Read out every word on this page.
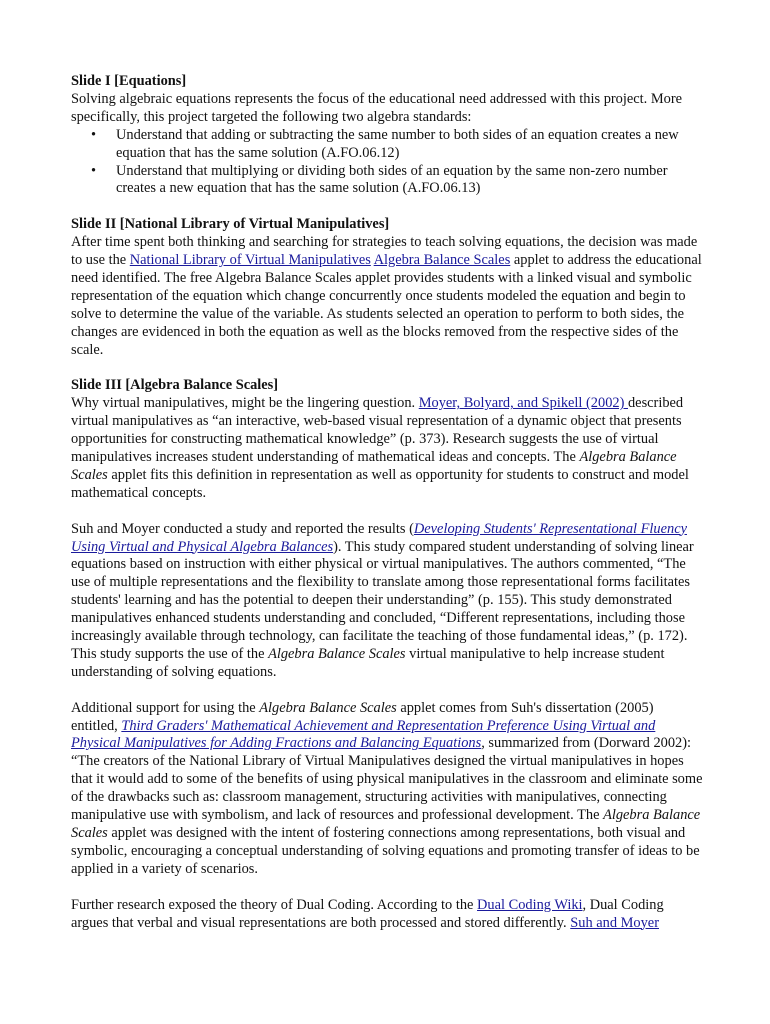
Slide I [Equations]

Solving algebraic equations represents the focus of the educational need addressed with this project. More specifically, this project targeted the following two algebra standards:

• Understand that adding or subtracting the same number to both sides of an equation creates a new equation that has the same solution (A.FO.06.12)
• Understand that multiplying or dividing both sides of an equation by the same non-zero number creates a new equation that has the same solution (A.FO.06.13)

Slide II [National Library of Virtual Manipulatives]

After time spent both thinking and searching for strategies to teach solving equations, the decision was made to use the National Library of Virtual Manipulatives Algebra Balance Scales applet to address the educational need identified. The free Algebra Balance Scales applet provides students with a linked visual and symbolic representation of the equation which change concurrently once students modeled the equation and begin to solve to determine the value of the variable. As students selected an operation to perform to both sides, the changes are evidenced in both the equation as well as the blocks removed from the respective sides of the scale.

Slide III [Algebra Balance Scales]

Why virtual manipulatives, might be the lingering question. Moyer, Bolyard, and Spikell (2002) described virtual manipulatives as “an interactive, web-based visual representation of a dynamic object that presents opportunities for constructing mathematical knowledge” (p. 373). Research suggests the use of virtual manipulatives increases student understanding of mathematical ideas and concepts. The Algebra Balance Scales applet fits this definition in representation as well as opportunity for students to construct and model mathematical concepts.

Suh and Moyer conducted a study and reported the results (Developing Students' Representational Fluency Using Virtual and Physical Algebra Balances). This study compared student understanding of solving linear equations based on instruction with either physical or virtual manipulatives. The authors commented, “The use of multiple representations and the flexibility to translate among those representational forms facilitates students' learning and has the potential to deepen their understanding” (p. 155). This study demonstrated manipulatives enhanced students understanding and concluded, “Different representations, including those increasingly available through technology, can facilitate the teaching of those fundamental ideas,” (p. 172). This study supports the use of the Algebra Balance Scales virtual manipulative to help increase student understanding of solving equations.

Additional support for using the Algebra Balance Scales applet comes from Suh's dissertation (2005) entitled, Third Graders' Mathematical Achievement and Representation Preference Using Virtual and Physical Manipulatives for Adding Fractions and Balancing Equations, summarized from (Dorward 2002): “The creators of the National Library of Virtual Manipulatives designed the virtual manipulatives in hopes that it would add to some of the benefits of using physical manipulatives in the classroom and eliminate some of the drawbacks such as: classroom management, structuring activities with manipulatives, connecting manipulative use with symbolism, and lack of resources and professional development. The Algebra Balance Scales applet was designed with the intent of fostering connections among representations, both visual and symbolic, encouraging a conceptual understanding of solving equations and promoting transfer of ideas to be applied in a variety of scenarios.

Further research exposed the theory of Dual Coding. According to the Dual Coding Wiki, Dual Coding argues that verbal and visual representations are both processed and stored differently. Suh and Moyer
